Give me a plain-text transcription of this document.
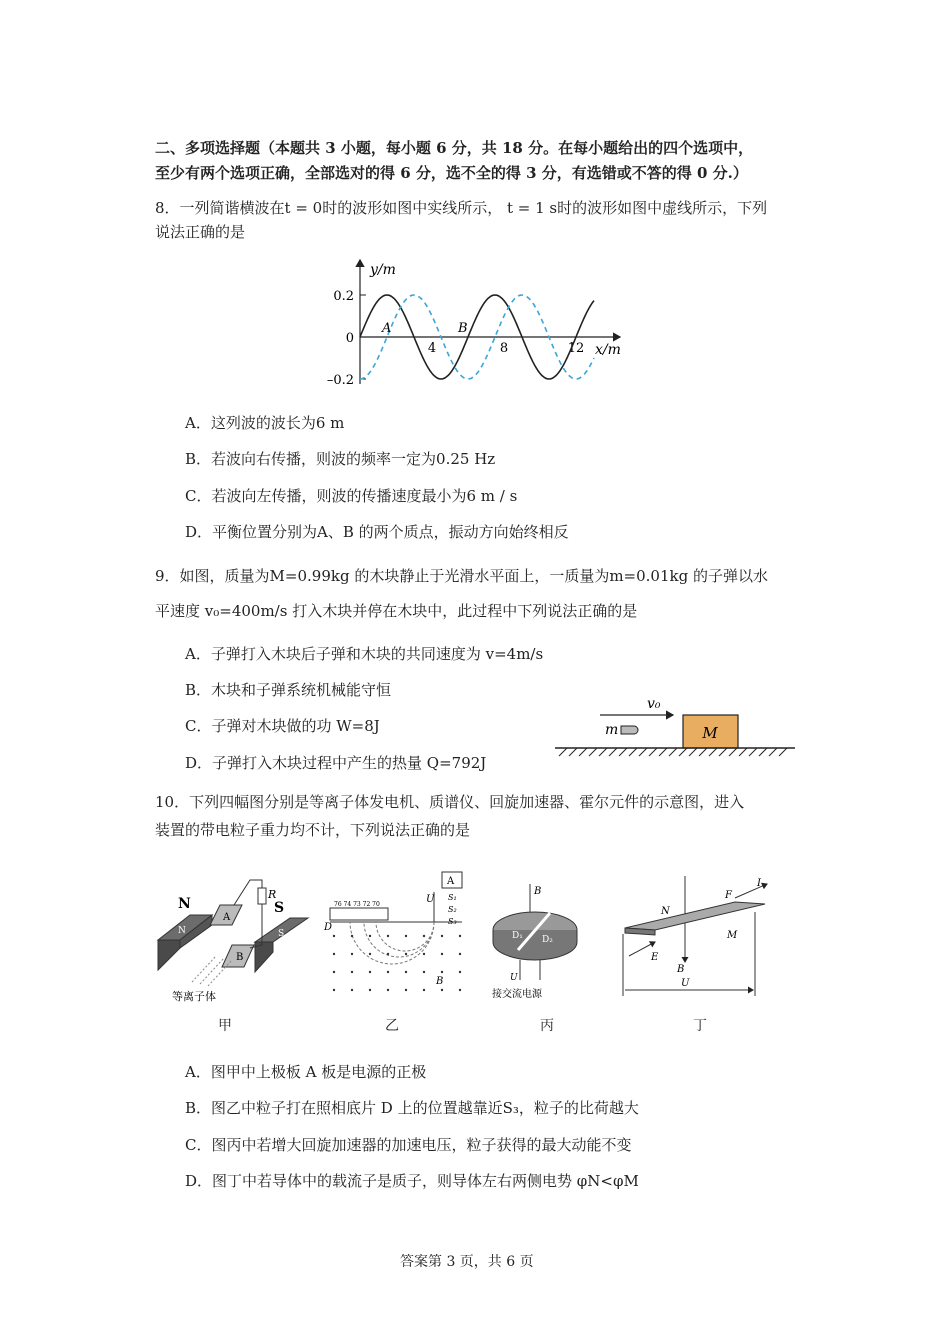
二、多项选择题（本题共 3 小题，每小题 6 分，共 18 分。在每小题给出的四个选项中，
至少有两个选项正确，全部选对的得 6 分，选不全的得 3 分，有选错或不答的得 0 分.）
8．一列简谐横波在t = 0时的波形如图中实线所示， t = 1 s时的波形如图中虚线所示，下列
说法正确的是
y/m
x/m
0.2
0
–0.2
4	8	12
A	B
A．这列波的波长为6 m
B．若波向右传播，则波的频率一定为0.25 Hz
C．若波向左传播，则波的传播速度最小为6 m / s
D．平衡位置分别为A、B 的两个质点，振动方向始终相反
9．如图，质量为M=0.99kg 的木块静止于光滑水平面上，一质量为m=0.01kg 的子弹以水
平速度 v₀=400m/s 打入木块并停在木块中，此过程中下列说法正确的是
A．子弹打入木块后子弹和木块的共同速度为 v=4m/s
B．木块和子弹系统机械能守恒
C．子弹对木块做的功 W=8J
D．子弹打入木块过程中产生的热量 Q=792J
v₀
m	M
10．下列四幅图分别是等离子体发电机、质谱仪、回旋加速器、霍尔元件的示意图，进入
装置的带电粒子重力均不计，下列说法正确的是
N	S
N	S
A
B
R
等离子体
76 74 73 72 70
D
A
U S₁
S₂
S₃
B
B
D₁ D₂
U
接交流电源
I
F
N
M
E
B
U
甲	乙	丙	丁
A．图甲中上极板 A 板是电源的正极
B．图乙中粒子打在照相底片 D 上的位置越靠近S₃，粒子的比荷越大
C．图丙中若增大回旋加速器的加速电压，粒子获得的最大动能不变
D．图丁中若导体中的载流子是质子，则导体左右两侧电势 φN<φM
答案第 3 页，共 6 页
